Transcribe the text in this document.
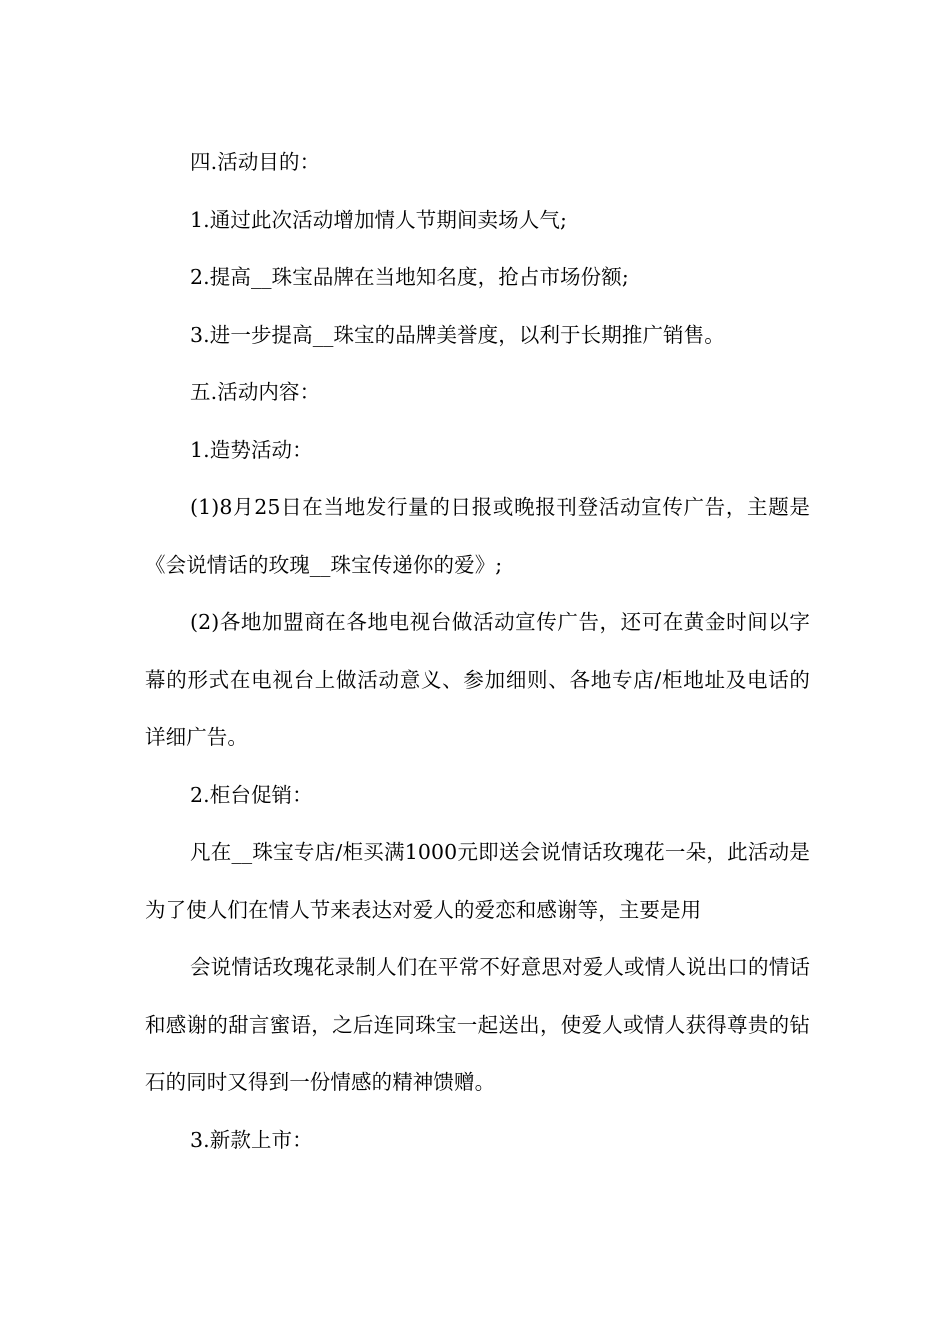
四.活动目的：

1.通过此次活动增加情人节期间卖场人气;

2.提高__珠宝品牌在当地知名度，抢占市场份额;

3.进一步提高__珠宝的品牌美誉度，以利于长期推广销售。

五.活动内容：

1.造势活动：

(1)8月25日在当地发行量的日报或晚报刊登活动宣传广告，主题是《会说情话的玫瑰__珠宝传递你的爱》;

(2)各地加盟商在各地电视台做活动宣传广告，还可在黄金时间以字幕的形式在电视台上做活动意义、参加细则、各地专店/柜地址及电话的详细广告。

2.柜台促销：

凡在__珠宝专店/柜买满1000元即送会说情话玫瑰花一朵，此活动是为了使人们在情人节来表达对爱人的爱恋和感谢等，主要是用

会说情话玫瑰花录制人们在平常不好意思对爱人或情人说出口的情话和感谢的甜言蜜语，之后连同珠宝一起送出，使爱人或情人获得尊贵的钻石的同时又得到一份情感的精神馈赠。

3.新款上市：
